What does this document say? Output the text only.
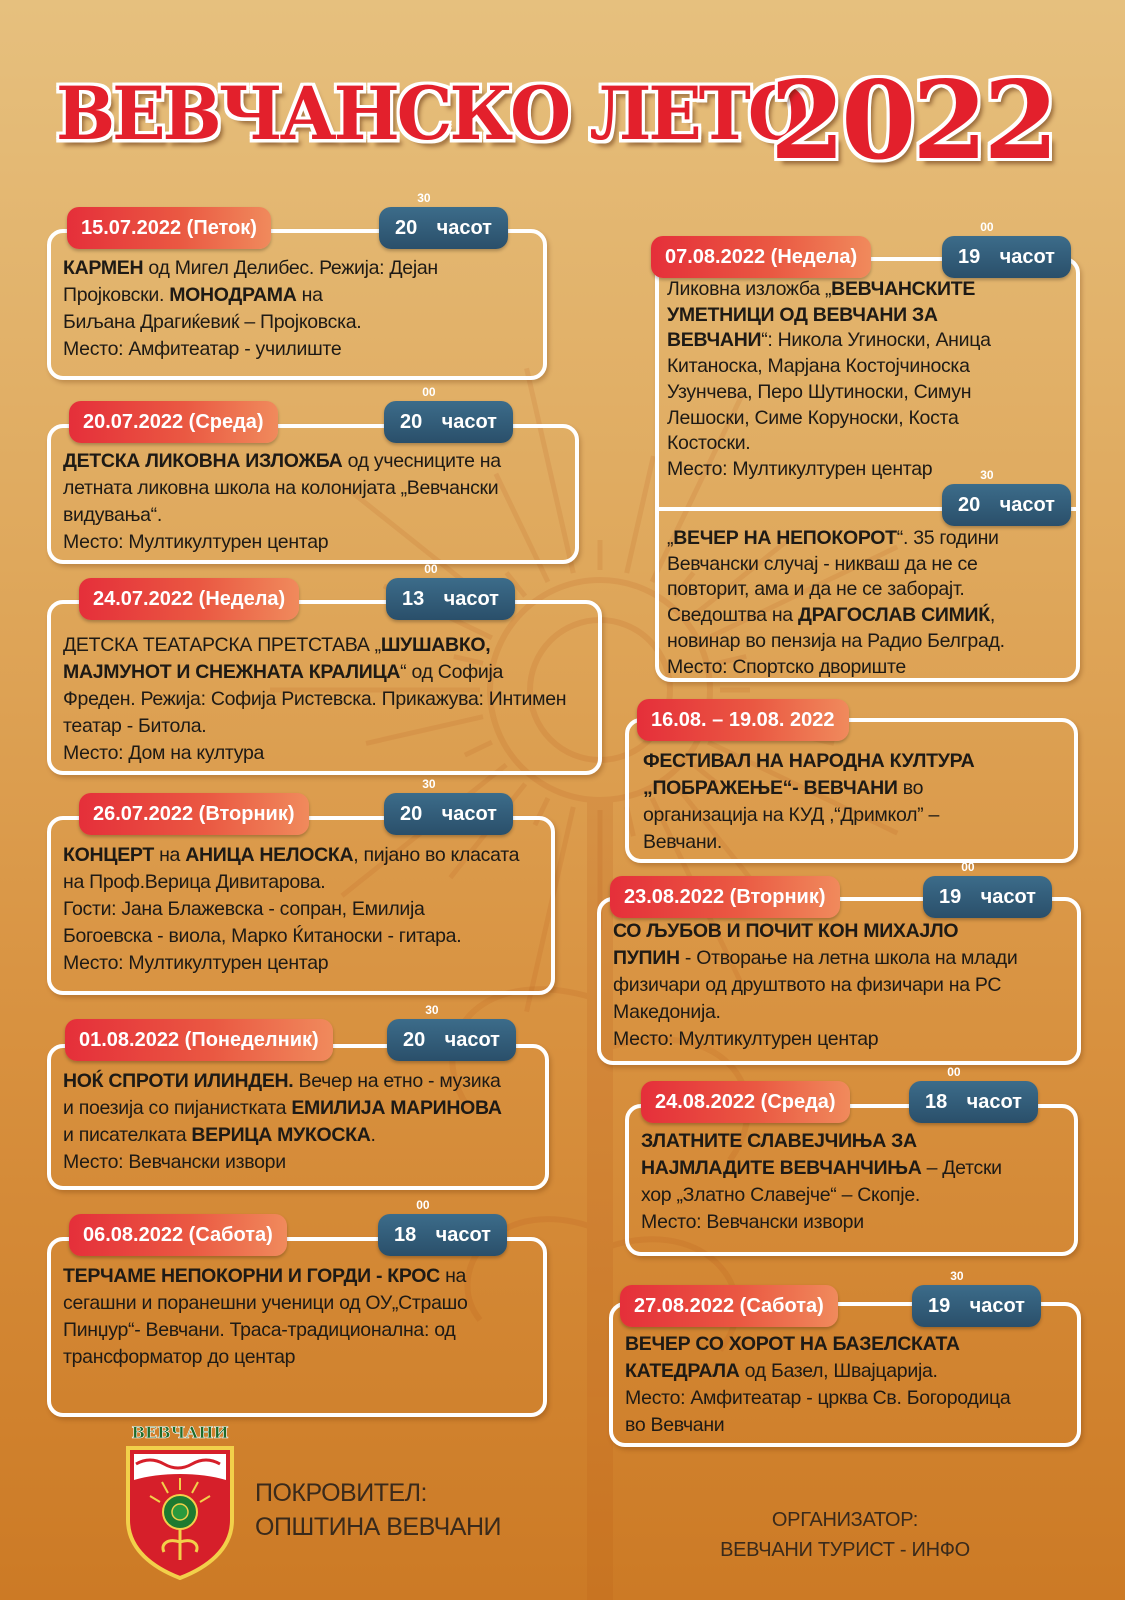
ВЕВЧАНСКО ЛЕТО
2022
15.07.2022 (Петок)	$20^{30}часот$
КАРМЕН од Мигел Делибес. Режија: Дејан
Пројковски. МОНОДРАМА на
Биљана Драгиќевиќ – Пројковска.
Место: Амфитеатар - училиште
20.07.2022 (Среда)	$20^{00}часот$
ДЕТСКА ЛИКОВНА ИЗЛОЖБА од учесниците на
летната ликовна школа на колонијата „Вевчански
видувања“.
Место: Мултикултурен центар
24.07.2022 (Недела)	$13^{00}часот$
ДЕТСКА ТЕАТАРСКА ПРЕТСТАВА „ШУШАВКО,
МАЈМУНОТ И СНЕЖНАТА КРАЛИЦА“ од Софија
Фреден. Режија: Софија Ристевска. Прикажува: Интимен
театар - Битола.
Место: Дом на култура
26.07.2022 (Вторник)	$20^{30}часот$
КОНЦЕРТ на АНИЦА НЕЛОСКА, пијано во класата
на Проф.Верица Дивитарова.
Гости: Јана Блажевска - сопран, Емилија
Богоевска - виола, Марко Ќитаноски - гитара.
Место: Мултикултурен центар
01.08.2022 (Понеделник)	$20^{30}часот$
НОЌ СПРОТИ ИЛИНДЕН. Вечер на етно - музика
и поезија со пијанистката ЕМИЛИЈА МАРИНОВА
и писателката ВЕРИЦА МУКОСКА.
Место: Вевчански извори
06.08.2022 (Сабота)	$18^{00}часот$
ТЕРЧАМЕ НЕПОКОРНИ И ГОРДИ - КРОС на
сегашни и поранешни ученици од ОУ„Страшо
Пинџур“- Вевчани. Траса-традиционална: од
трансформатор до центар
07.08.2022 (Недела)	$19^{00}часот$
Ликовна изложба „ВЕВЧАНСКИТЕ
УМЕТНИЦИ ОД ВЕВЧАНИ ЗА
ВЕВЧАНИ“: Никола Угиноски, Аница
Китаноска, Марјана Костојчиноска
Узунчева, Перо Шутиноски, Симун
Лешоски, Симе Коруноски, Коста
Костоски.
Место: Мултикултурен центар
$20^{30}часот$
„ВЕЧЕР НА НЕПОКОРОТ“. 35 години
Вевчански случај - никваш да не се
повторит, ама и да не се заборајт.
Сведоштва на ДРАГОСЛАВ СИМИЌ,
новинар во пензија на Радио Белград.
Место: Спортско двориште
16.08. – 19.08. 2022
ФЕСТИВАЛ НА НАРОДНА КУЛТУРА
„ПОБРАЖЕЊЕ“- ВЕВЧАНИ во
организација на КУД ,“Дримкол” –
Вевчани.
23.08.2022 (Вторник)	$19^{00}часот$
СО ЉУБОВ И ПОЧИТ КОН МИХАЈЛО
ПУПИН - Отворање на летна школа на млади
физичари од друштвото на физичари на РС
Македонија.
Место: Мултикултурен центар
24.08.2022 (Среда)	$18^{00}часот$
ЗЛАТНИТЕ СЛАВЕЈЧИЊА ЗА
НАЈМЛАДИТЕ ВЕВЧАНЧИЊА – Детски
хор „Златно Славејче“ – Скопје.
Место: Вевчански извори
27.08.2022 (Сабота)	$19^{30}часот$
ВЕЧЕР СО ХОРОТ НА БАЗЕЛСКАТА
КАТЕДРАЛА од Базел, Швајцарија.
Место: Амфитеатар - црква Св. Богородица
во Вевчани
ВЕВЧАНИ
ПОКРОВИТЕЛ:
ОПШТИНА ВЕВЧАНИ	ОРГАНИЗАТОР:
ВЕВЧАНИ ТУРИСТ - ИНФО
